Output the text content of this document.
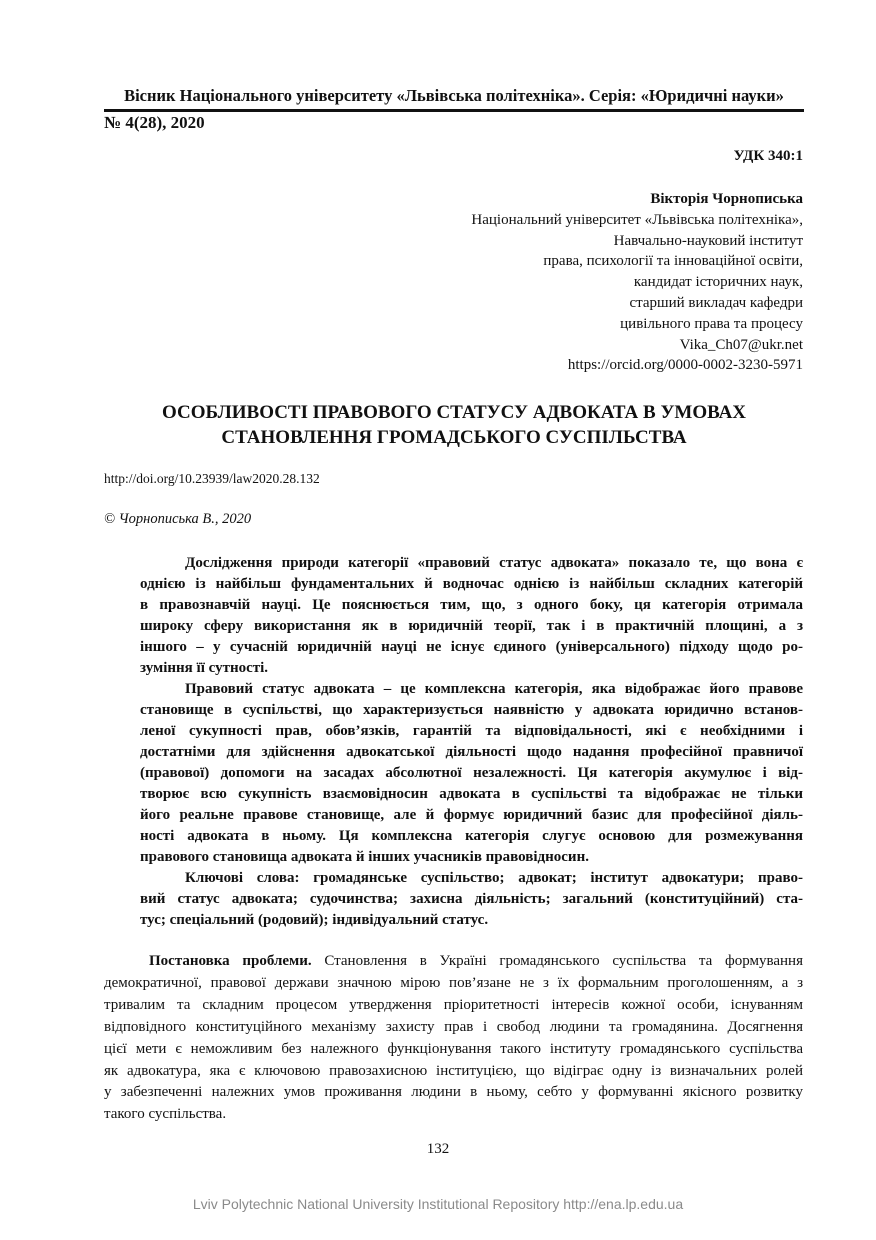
Вісник Національного університету «Львівська політехніка». Серія: «Юридичні науки»
№ 4(28), 2020
УДК 340:1
Вікторія Чорнописька
Національний університет «Львівська політехніка»,
Навчально-науковий інститут
права, психології та інноваційної освіти,
кандидат історичних наук,
старший викладач кафедри
цивільного права та процесу
Vika_Ch07@ukr.net
https://orcid.org/0000-0002-3230-5971
ОСОБЛИВОСТІ ПРАВОВОГО СТАТУСУ АДВОКАТА В УМОВАХ
СТАНОВЛЕННЯ ГРОМАДСЬКОГО СУСПІЛЬСТВА
http://doi.org/10.23939/law2020.28.132
© Чорнописька В., 2020
Дослідження природи категорії «правовий статус адвоката» показало те, що вона є
однією із найбільш фундаментальних й водночас однією із найбільш складних категорій
в правознавчій науці. Це пояснюється тим, що, з одного боку, ця категорія отримала
широку сферу використання як в юридичній теорії, так і в практичній площині, а з
іншого – у сучасній юридичній науці не існує єдиного (універсального) підходу щодо ро-
зуміння її сутності.
Правовий статус адвоката – це комплексна категорія, яка відображає його правове
становище в суспільстві, що характеризується наявністю у адвоката юридично встанов-
леної сукупності прав, обов’язків, гарантій та відповідальності, які є необхідними і
достатніми для здійснення адвокатської діяльності щодо надання професійної правничої
(правової) допомоги на засадах абсолютної незалежності. Ця категорія акумулює і від-
творює всю сукупність взаємовідносин адвоката в суспільстві та відображає не тільки
його реальне правове становище, але й формує юридичний базис для професійної діяль-
ності адвоката в ньому. Ця комплексна категорія слугує основою для розмежування
правового становища адвоката й інших учасників правовідносин.
Ключові слова: громадянське суспільство; адвокат; інститут адвокатури; право-
вий статус адвоката; судочинства; захисна діяльність; загальний (конституційний) ста-
тус; спеціальний (родовий); індивідуальний статус.
Постановка проблеми. Становлення в Україні громадянського суспільства та формування
демократичної, правової держави значною мірою пов’язане не з їх формальним проголошенням, а з
тривалим та складним процесом утвердження пріоритетності інтересів кожної особи, існуванням
відповідного конституційного механізму захисту прав і свобод людини та громадянина. Досягнення
цієї мети є неможливим без належного функціонування такого інституту громадянського суспільства
як адвокатура, яка є ключовою правозахисною інституцією, що відіграє одну із визначальних ролей
у забезпеченні належних умов проживання людини в ньому, себто у формуванні якісного розвитку
такого суспільства.
132
Lviv Polytechnic National University Institutional Repository http://ena.lp.edu.ua
